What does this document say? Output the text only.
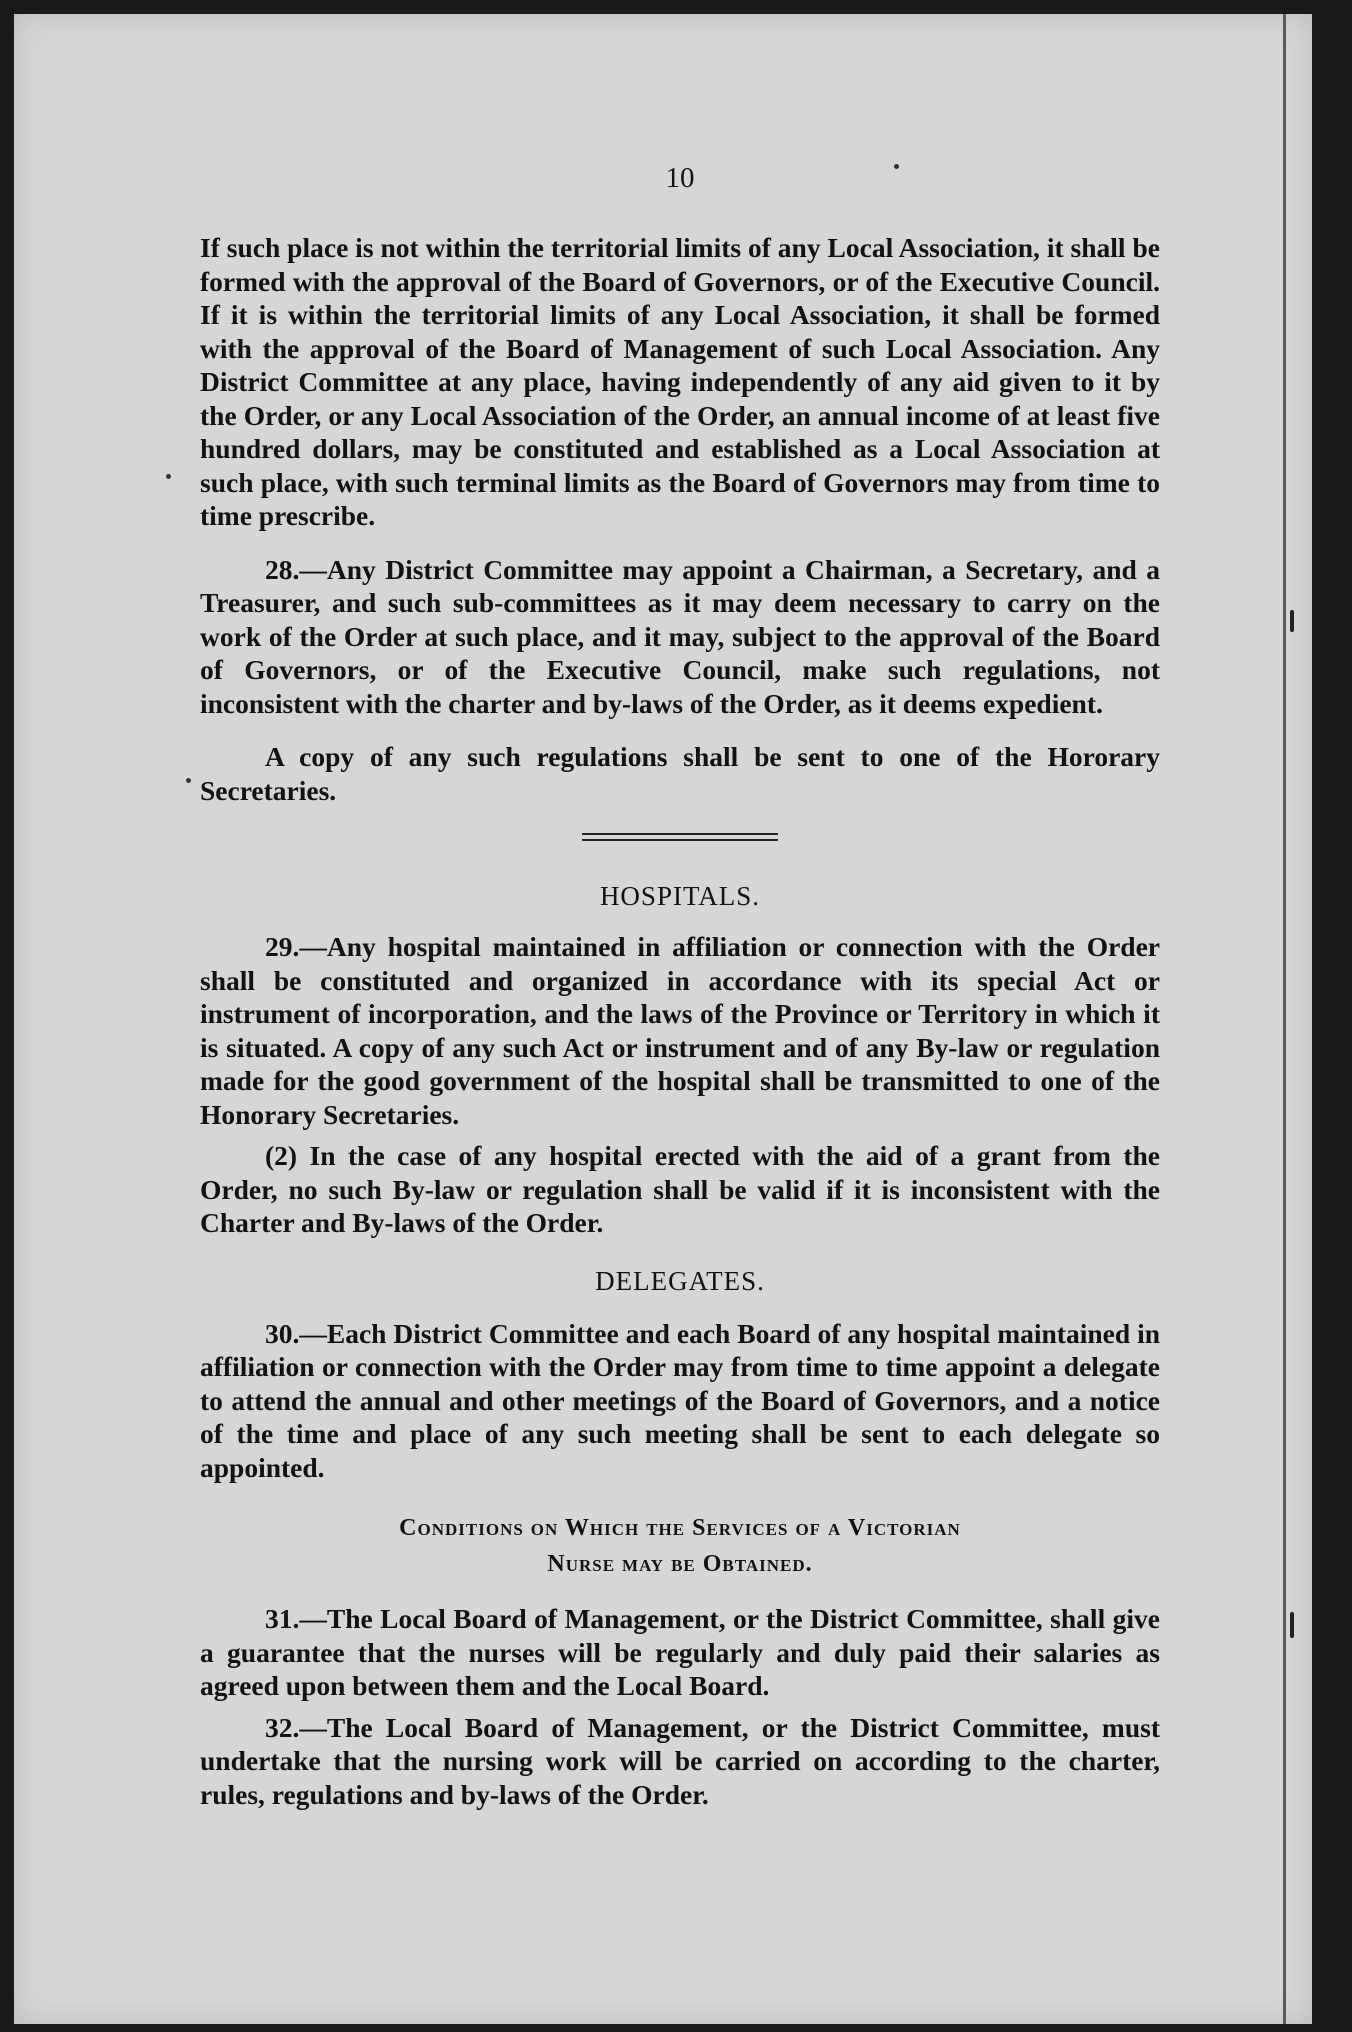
10

If such place is not within the territorial limits of any Local Association, it shall be formed with the approval of the Board of Governors, or of the Executive Council. If it is within the territorial limits of any Local Association, it shall be formed with the approval of the Board of Management of such Local Association. Any District Committee at any place, having independently of any aid given to it by the Order, or any Local Association of the Order, an annual income of at least five hundred dollars, may be constituted and established as a Local Association at such place, with such terminal limits as the Board of Governors may from time to time prescribe.

28.—Any District Committee may appoint a Chairman, a Secretary, and a Treasurer, and such sub-committees as it may deem necessary to carry on the work of the Order at such place, and it may, subject to the approval of the Board of Governors, or of the Executive Council, make such regulations, not inconsistent with the charter and by-laws of the Order, as it deems expedient.

A copy of any such regulations shall be sent to one of the Hororary Secretaries.

HOSPITALS.

29.—Any hospital maintained in affiliation or connection with the Order shall be constituted and organized in accordance with its special Act or instrument of incorporation, and the laws of the Province or Territory in which it is situated. A copy of any such Act or instrument and of any By-law or regulation made for the good government of the hospital shall be transmitted to one of the Honorary Secretaries.

(2) In the case of any hospital erected with the aid of a grant from the Order, no such By-law or regulation shall be valid if it is inconsistent with the Charter and By-laws of the Order.

DELEGATES.

30.—Each District Committee and each Board of any hospital maintained in affiliation or connection with the Order may from time to time appoint a delegate to attend the annual and other meetings of the Board of Governors, and a notice of the time and place of any such meeting shall be sent to each delegate so appointed.

Conditions on Which the Services of a Victorian
Nurse may be Obtained.

31.—The Local Board of Management, or the District Committee, shall give a guarantee that the nurses will be regularly and duly paid their salaries as agreed upon between them and the Local Board.

32.—The Local Board of Management, or the District Committee, must undertake that the nursing work will be carried on according to the charter, rules, regulations and by-laws of the Order.
